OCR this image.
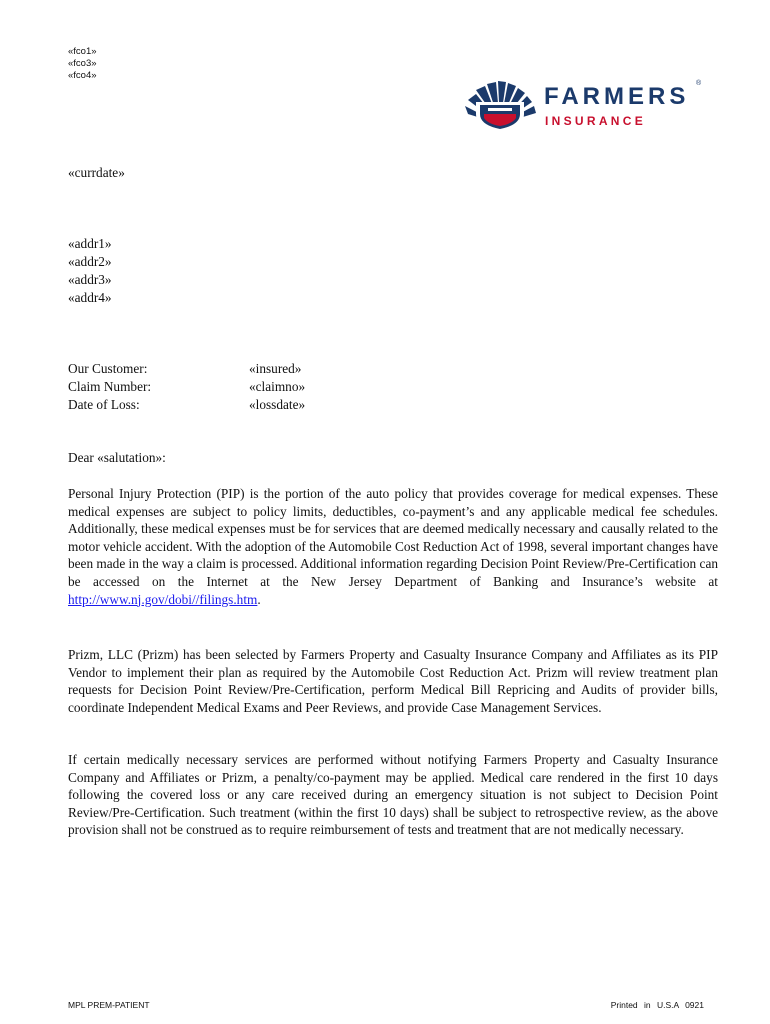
«fco1»
«fco3»
«fco4»
FARMERS ®
INSURANCE
«currdate»
«addr1»
«addr2»
«addr3»
«addr4»
Our Customer:
Claim Number:
Date of Loss:
«insured»
«claimno»
«lossdate»
Dear «salutation»:
Personal Injury Protection (PIP) is the portion of the auto policy that provides coverage for medical expenses. These medical expenses are subject to policy limits, deductibles, co-payment’s and any applicable medical fee schedules. Additionally, these medical expenses must be for services that are deemed medically necessary and causally related to the motor vehicle accident. With the adoption of the Automobile Cost Reduction Act of 1998, several important changes have been made in the way a claim is processed. Additional information regarding Decision Point Review/Pre-Certification can be accessed on the Internet at the New Jersey Department of Banking and Insurance’s website at http://www.nj.gov/dobi//filings.htm.
Prizm, LLC (Prizm) has been selected by Farmers Property and Casualty Insurance Company and Affiliates as its PIP Vendor to implement their plan as required by the Automobile Cost Reduction Act. Prizm will review treatment plan requests for Decision Point Review/Pre-Certification, perform Medical Bill Repricing and Audits of provider bills, coordinate Independent Medical Exams and Peer Reviews, and provide Case Management Services.
If certain medically necessary services are performed without notifying Farmers Property and Casualty Insurance Company and Affiliates or Prizm, a penalty/co-payment may be applied. Medical care rendered in the first 10 days following the covered loss or any care received during an emergency situation is not subject to Decision Point Review/Pre-Certification. Such treatment (within the first 10 days) shall be subject to retrospective review, as the above provision shall not be construed as to require reimbursement of tests and treatment that are not medically necessary.
MPL PREM-PATIENT	Printed in U.S.A 0921
